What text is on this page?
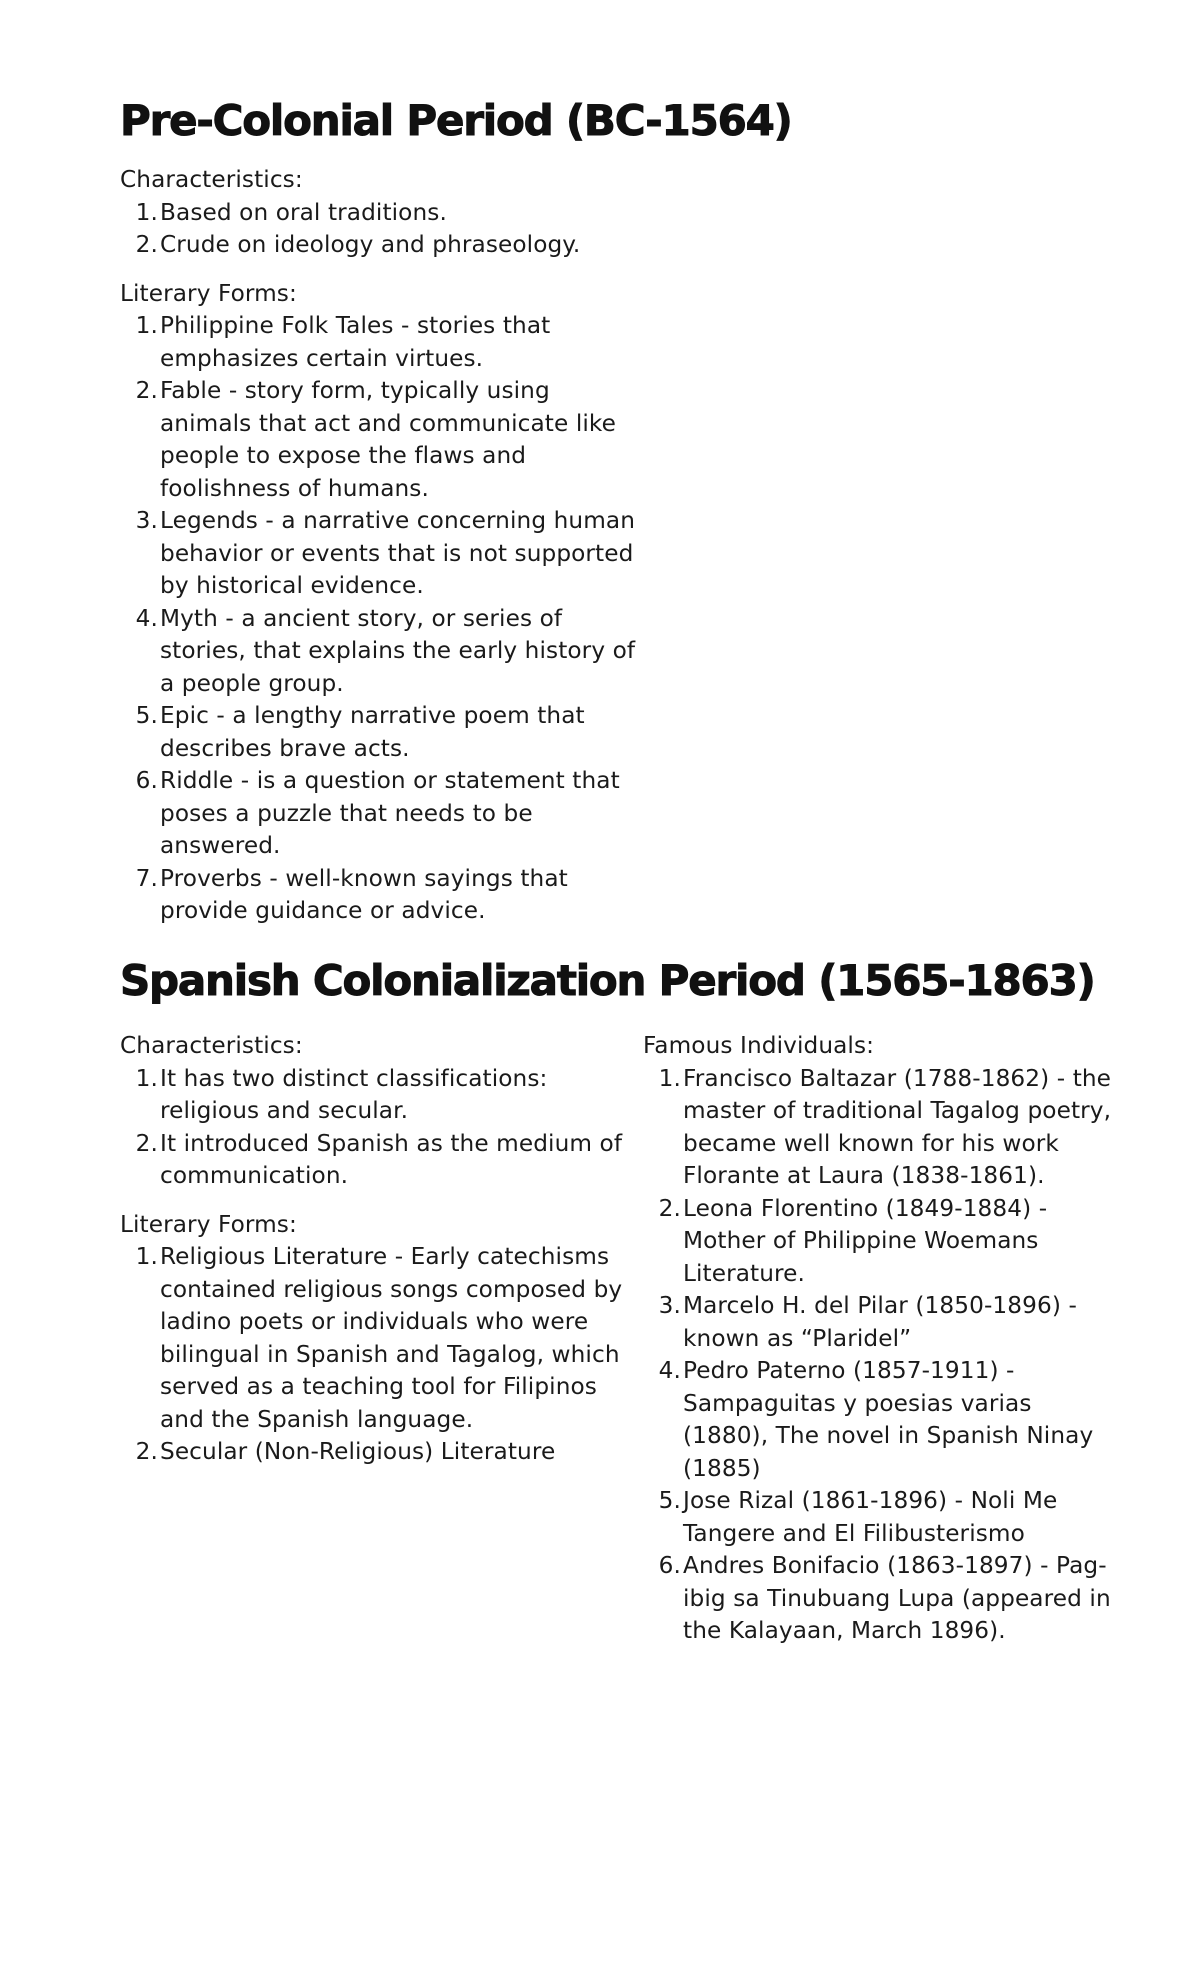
Pre-Colonial Period (BC-1564)

Characteristics:

1. Based on oral traditions.
2. Crude on ideology and phraseology.

Literary Forms:

1. Philippine Folk Tales - stories that emphasizes certain virtues.
2. Fable - story form, typically using animals that act and communicate like people to expose the flaws and foolishness of humans.
3. Legends - a narrative concerning human behavior or events that is not supported by historical evidence.
4. Myth - a ancient story, or series of stories, that explains the early history of a people group.
5. Epic - a lengthy narrative poem that describes brave acts.
6. Riddle - is a question or statement that poses a puzzle that needs to be answered.
7. Proverbs - well-known sayings that provide guidance or advice.
Spanish Colonialization Period (1565-1863)

Characteristics:

1. It has two distinct classifications: religious and secular.
2. It introduced Spanish as the medium of communication.

Literary Forms:

1. Religious Literature - Early catechisms contained religious songs composed by ladino poets or individuals who were bilingual in Spanish and Tagalog, which served as a teaching tool for Filipinos and the Spanish language.
2. Secular (Non-Religious) Literature

Famous Individuals:

1. Francisco Baltazar (1788-1862) - the master of traditional Tagalog poetry, became well known for his work Florante at Laura (1838-1861).
2. Leona Florentino (1849-1884) - Mother of Philippine Woemans Literature.
3. Marcelo H. del Pilar (1850-1896) - known as “Plaridel”
4. Pedro Paterno (1857-1911) - Sampaguitas y poesias varias (1880), The novel in Spanish Ninay (1885)
5. Jose Rizal (1861-1896) - Noli Me Tangere and El Filibusterismo
6. Andres Bonifacio (1863-1897) - Pag-ibig sa Tinubuang Lupa (appeared in the Kalayaan, March 1896).
